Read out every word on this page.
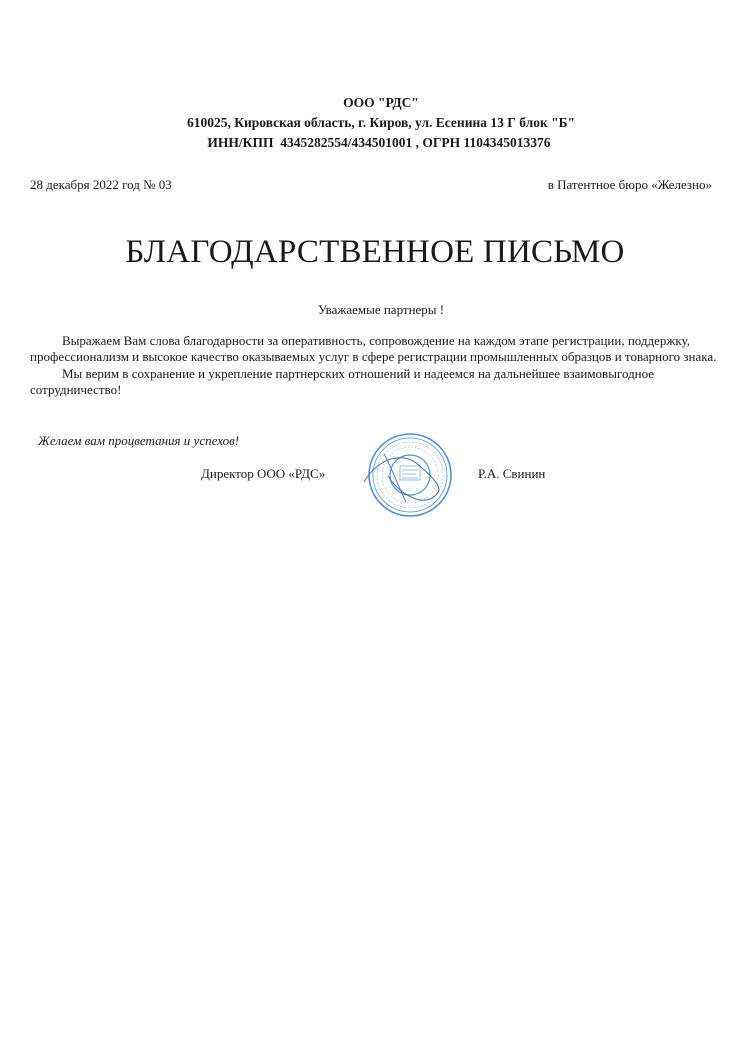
ООО "РДС"
610025, Кировская область, г. Киров, ул. Есенина 13 Г блок "Б"
ИНН/КПП  4345282554/434501001 , ОГРН 1104345013376
28 декабря 2022 год № 03	в Патентное бюро «Железно»
БЛАГОДАРСТВЕННОЕ ПИСЬМО
Уважаемые партнеры !

Выражаем Вам слова благодарности за оперативность, сопровождение на каждом этапе регистрации, поддержку, профессионализм и высокое качество оказываемых услуг в сфере регистрации промышленных образцов и товарного знака.

Мы верим в сохранение и укрепление партнерских отношений и надеемся на дальнейшее взаимовыгодное сотрудничество!

Желаем вам процветания и успехов!
Директор ООО «РДС»	Р.А. Свинин
